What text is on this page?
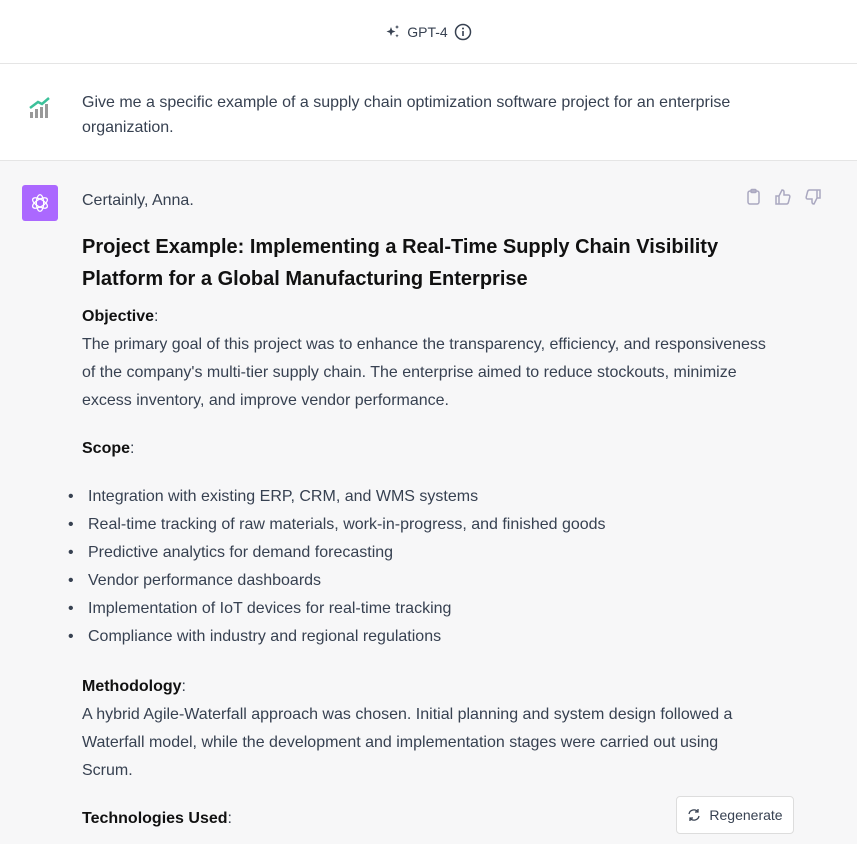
GPT-4
Give me a specific example of a supply chain optimization software project for an enterprise organization.

Certainly, Anna.

Project Example: Implementing a Real-Time Supply Chain Visibility Platform for a Global Manufacturing Enterprise

Objective:

The primary goal of this project was to enhance the transparency, efficiency, and responsiveness of the company's multi-tier supply chain. The enterprise aimed to reduce stockouts, minimize excess inventory, and improve vendor performance.

Scope:

• Integration with existing ERP, CRM, and WMS systems
• Real-time tracking of raw materials, work-in-progress, and finished goods
• Predictive analytics for demand forecasting
• Vendor performance dashboards
• Implementation of IoT devices for real-time tracking
• Compliance with industry and regional regulations

Methodology:

A hybrid Agile-Waterfall approach was chosen. Initial planning and system design followed a Waterfall model, while the development and implementation stages were carried out using Scrum.

Technologies Used:	Regenerate
